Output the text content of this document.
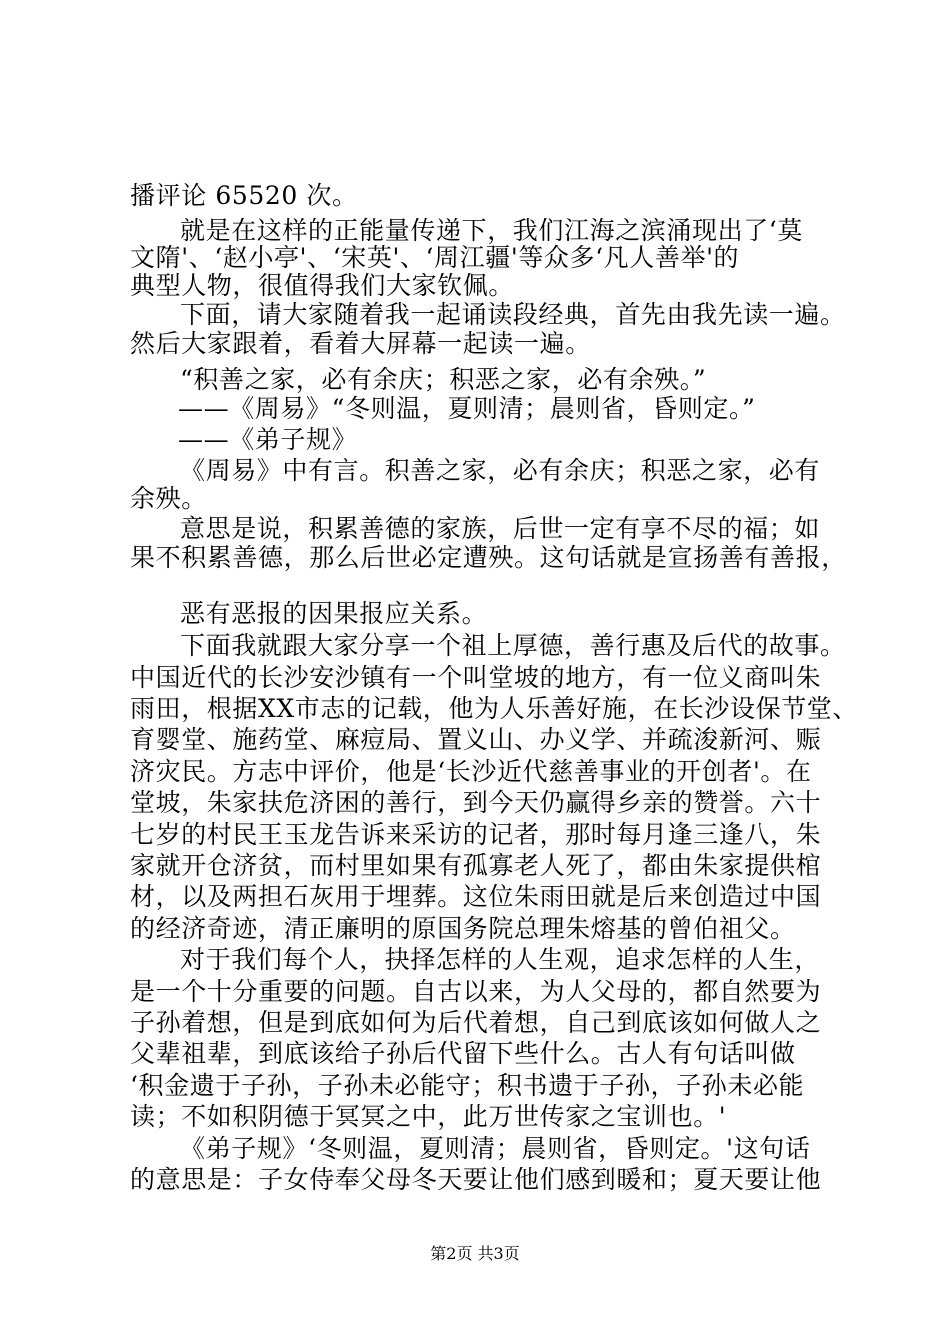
播评论 65520 次。
就是在这样的正能量传递下，我们江海之滨涌现出了‘莫
文隋'、‘赵小亭'、‘宋英'、‘周江疆'等众多‘凡人善举'的
典型人物，很值得我们大家钦佩。
下面，请大家随着我一起诵读段经典，首先由我先读一遍。
然后大家跟着，看着大屏幕一起读一遍。
“积善之家，必有余庆；积恶之家，必有余殃。”
——《周易》“冬则温，夏则清；晨则省，昏则定。”
——《弟子规》
《周易》中有言。积善之家，必有余庆；积恶之家，必有
余殃。
意思是说，积累善德的家族，后世一定有享不尽的福；如
果不积累善德，那么后世必定遭殃。这句话就是宣扬善有善报，
恶有恶报的因果报应关系。
下面我就跟大家分享一个祖上厚德，善行惠及后代的故事。
中国近代的长沙安沙镇有一个叫堂坡的地方，有一位义商叫朱
雨田，根据XX市志的记载，他为人乐善好施，在长沙设保节堂、
育婴堂、施药堂、麻痘局、置义山、办义学、并疏浚新河、赈
济灾民。方志中评价，他是‘长沙近代慈善事业的开创者'。在
堂坡，朱家扶危济困的善行，到今天仍赢得乡亲的赞誉。六十
七岁的村民王玉龙告诉来采访的记者，那时每月逢三逢八，朱
家就开仓济贫，而村里如果有孤寡老人死了，都由朱家提供棺
材，以及两担石灰用于埋葬。这位朱雨田就是后来创造过中国
的经济奇迹，清正廉明的原国务院总理朱熔基的曾伯祖父。
对于我们每个人，抉择怎样的人生观，追求怎样的人生，
是一个十分重要的问题。自古以来，为人父母的，都自然要为
子孙着想，但是到底如何为后代着想，自己到底该如何做人之
父辈祖辈，到底该给子孙后代留下些什么。古人有句话叫做
‘积金遗于子孙，子孙未必能守；积书遗于子孙，子孙未必能
读；不如积阴德于冥冥之中，此万世传家之宝训也。'
《弟子规》‘冬则温，夏则清；晨则省，昏则定。'这句话
的意思是：子女侍奉父母冬天要让他们感到暖和；夏天要让他
第2页 共3页
